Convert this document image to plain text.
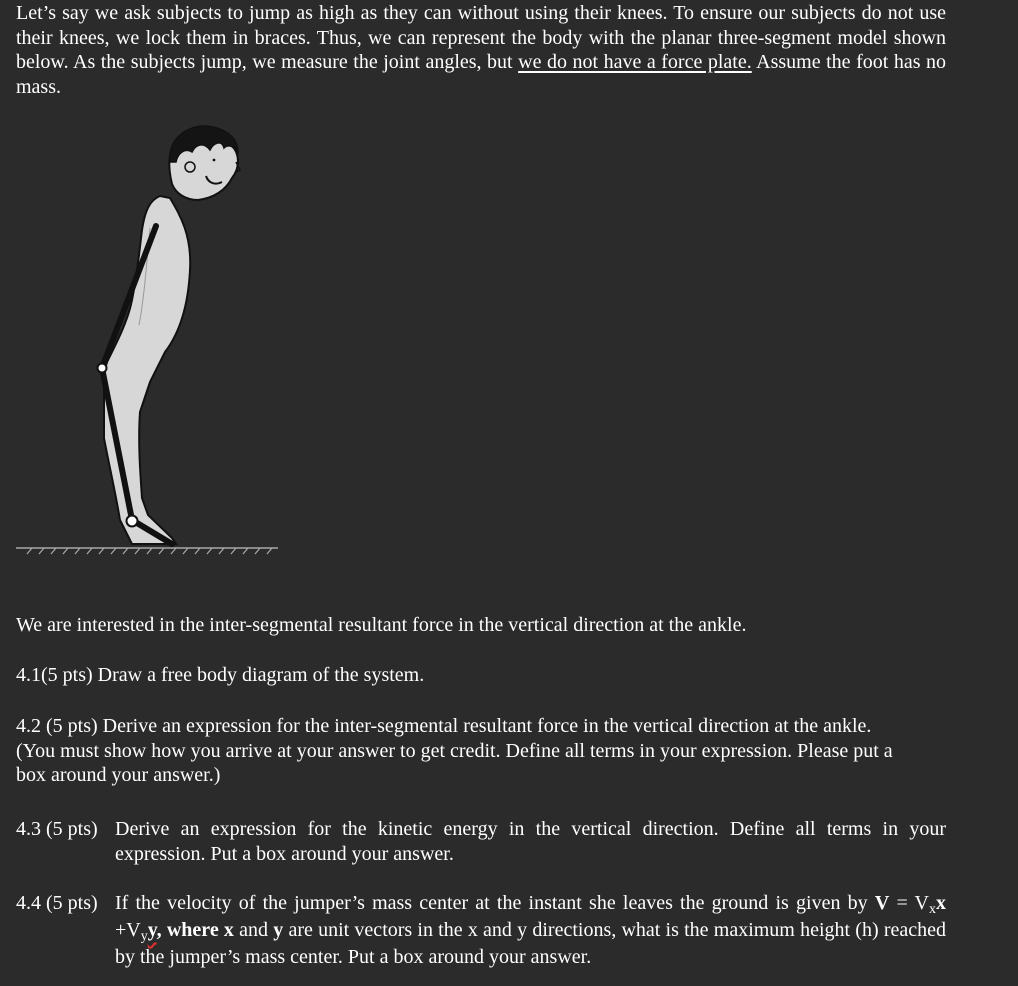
Let’s say we ask subjects to jump as high as they can without using their knees. To ensure our subjects do not use their knees, we lock them in braces. Thus, we can represent the body with the planar three-segment model shown below. As the subjects jump, we measure the joint angles, but we do not have a force plate. Assume the foot has no mass.
We are interested in the inter-segmental resultant force in the vertical direction at the ankle.
4.1(5 pts) Draw a free body diagram of the system.
4.2 (5 pts) Derive an expression for the inter-segmental resultant force in the vertical direction at the ankle. (You must show how you arrive at your answer to get credit. Define all terms in your expression. Please put a box around your answer.)
4.3 (5 pts) Derive an expression for the kinetic energy in the vertical direction. Define all terms in your expression. Put a box around your answer.
4.4 (5 pts) If the velocity of the jumper’s mass center at the instant she leaves the ground is given by $V = V_xx +V_yy$, where x and y are unit vectors in the x and y directions, what is the maximum height (h) reached by the jumper’s mass center. Put a box around your answer.
